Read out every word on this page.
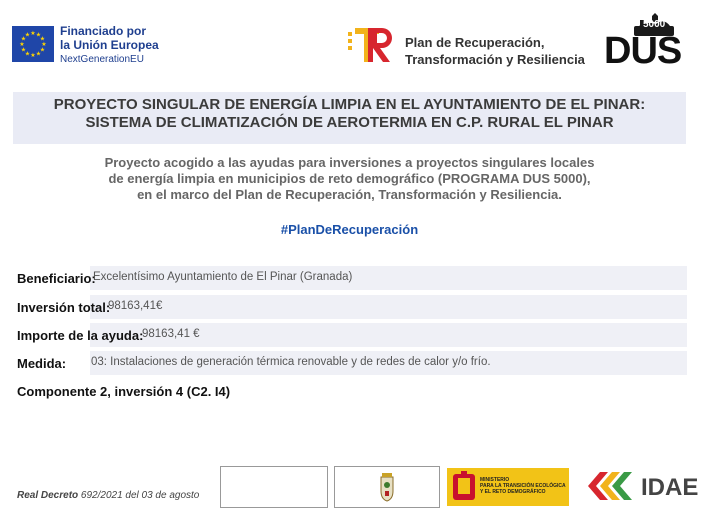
★ ★
★
★
★
★
★
★
★
★
★
★ Financiado por
la Unión Europea
NextGenerationEU
Plan de Recuperación,
Transformación y Resiliencia DUS
5000
PROYECTO SINGULAR DE ENERGÍA LIMPIA EN EL AYUNTAMIENTO DE EL PINAR:
SISTEMA DE CLIMATIZACIÓN DE AEROTERMIA EN C.P. RURAL EL PINAR
Proyecto acogido a las ayudas para inversiones a proyectos singulares locales
de energía limpia en municipios de reto demográfico (PROGRAMA DUS 5000),
en el marco del Plan de Recuperación, Transformación y Resiliencia.
#PlanDeRecuperación
Beneficiario:
Excelentísimo Ayuntamiento de El Pinar (Granada)
Inversión total:
98163,41€
Importe de la ayuda:
98163,41 €
Medida: 03: Instalaciones de generación térmica renovable y de redes de calor y/o frío.
Componente 2, inversión 4 (C2. I4)
Real Decreto 692/2021 del 03 de agosto
MINISTERIO
PARA LA TRANSICIÓN ECOLÓGICA
Y EL RETO DEMOGRÁFICO	IDAE
